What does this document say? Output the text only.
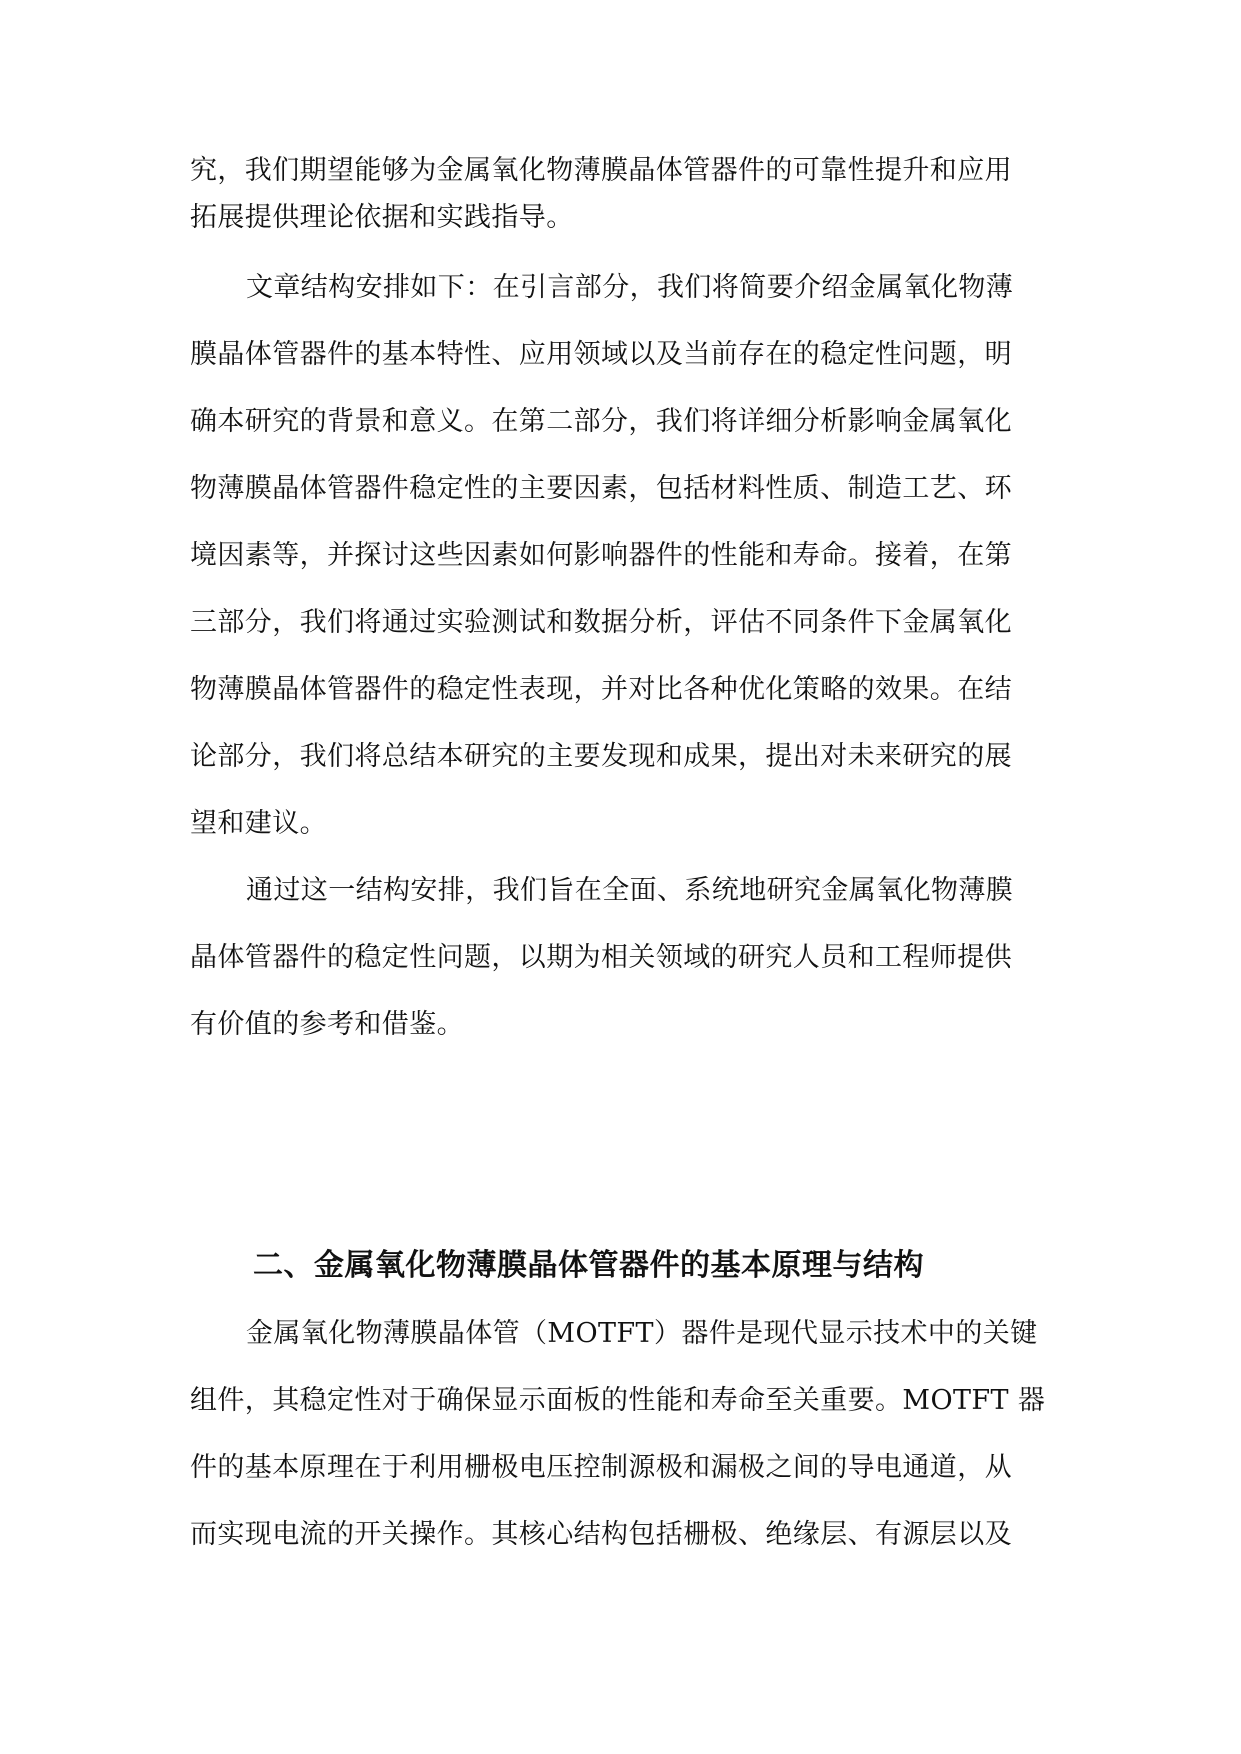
究，我们期望能够为金属氧化物薄膜晶体管器件的可靠性提升和应用
拓展提供理论依据和实践指导。
文章结构安排如下：在引言部分，我们将简要介绍金属氧化物薄
膜晶体管器件的基本特性、应用领域以及当前存在的稳定性问题，明
确本研究的背景和意义。在第二部分，我们将详细分析影响金属氧化
物薄膜晶体管器件稳定性的主要因素，包括材料性质、制造工艺、环
境因素等，并探讨这些因素如何影响器件的性能和寿命。接着，在第
三部分，我们将通过实验测试和数据分析，评估不同条件下金属氧化
物薄膜晶体管器件的稳定性表现，并对比各种优化策略的效果。在结
论部分，我们将总结本研究的主要发现和成果，提出对未来研究的展
望和建议。
通过这一结构安排，我们旨在全面、系统地研究金属氧化物薄膜
晶体管器件的稳定性问题，以期为相关领域的研究人员和工程师提供
有价值的参考和借鉴。
二、金属氧化物薄膜晶体管器件的基本原理与结构
金属氧化物薄膜晶体管（MOTFT）器件是现代显示技术中的关键
组件，其稳定性对于确保显示面板的性能和寿命至关重要。MOTFT 器
件的基本原理在于利用栅极电压控制源极和漏极之间的导电通道，从
而实现电流的开关操作。其核心结构包括栅极、绝缘层、有源层以及
